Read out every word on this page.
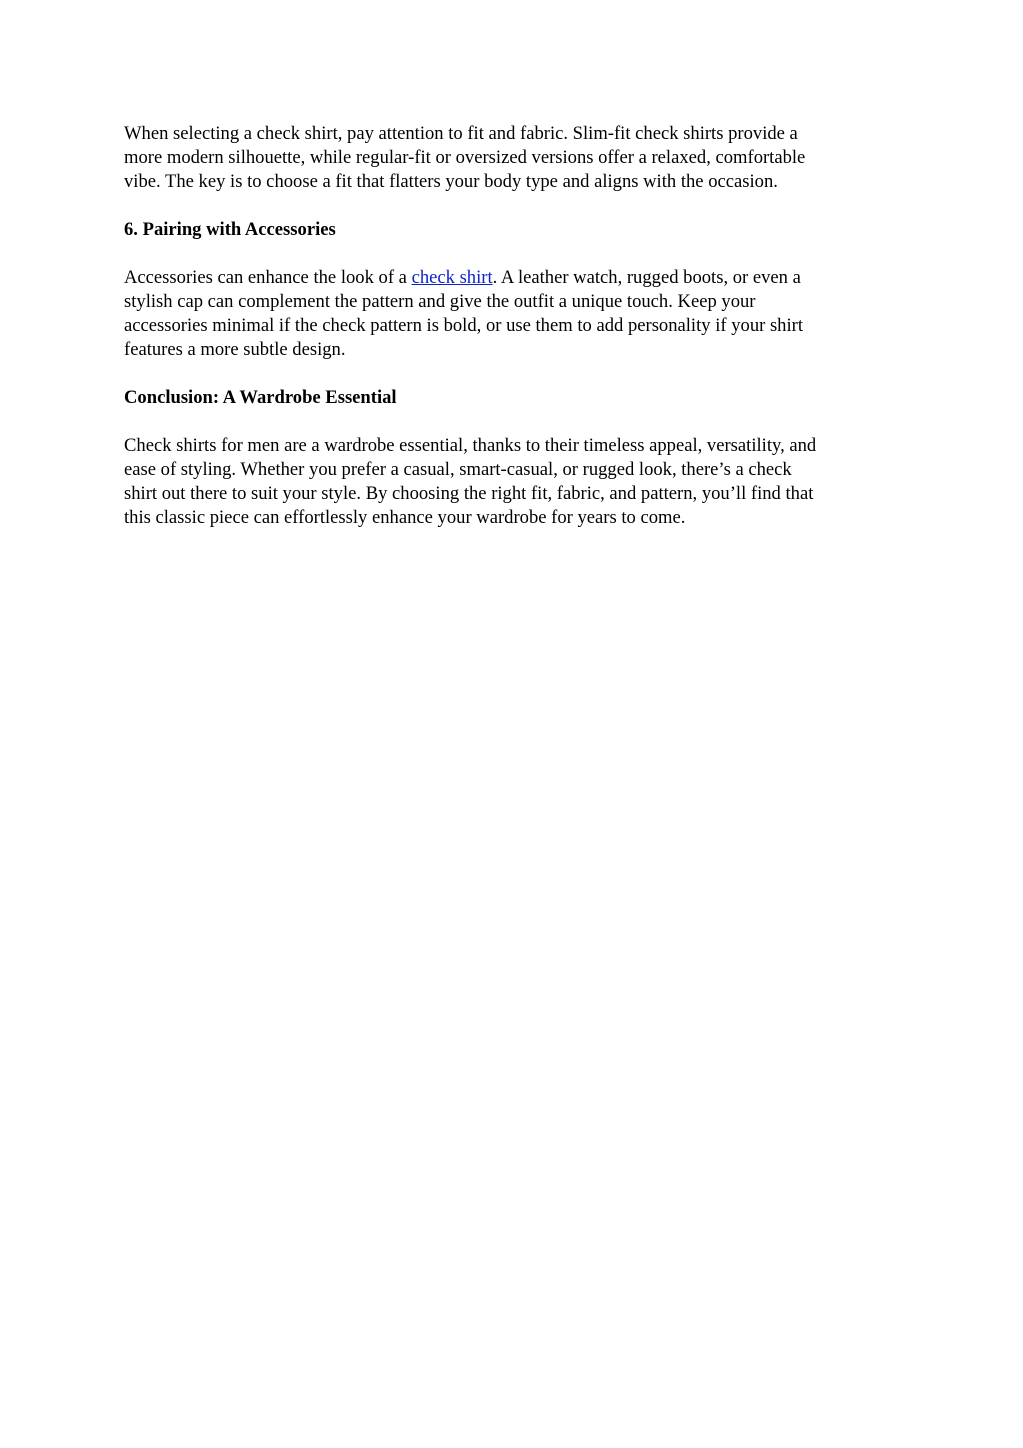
When selecting a check shirt, pay attention to fit and fabric. Slim-fit check shirts provide a
more modern silhouette, while regular-fit or oversized versions offer a relaxed, comfortable
vibe. The key is to choose a fit that flatters your body type and aligns with the occasion.

6. Pairing with Accessories

Accessories can enhance the look of a check shirt. A leather watch, rugged boots, or even a
stylish cap can complement the pattern and give the outfit a unique touch. Keep your
accessories minimal if the check pattern is bold, or use them to add personality if your shirt
features a more subtle design.

Conclusion: A Wardrobe Essential

Check shirts for men are a wardrobe essential, thanks to their timeless appeal, versatility, and
ease of styling. Whether you prefer a casual, smart-casual, or rugged look, there’s a check
shirt out there to suit your style. By choosing the right fit, fabric, and pattern, you’ll find that
this classic piece can effortlessly enhance your wardrobe for years to come.
